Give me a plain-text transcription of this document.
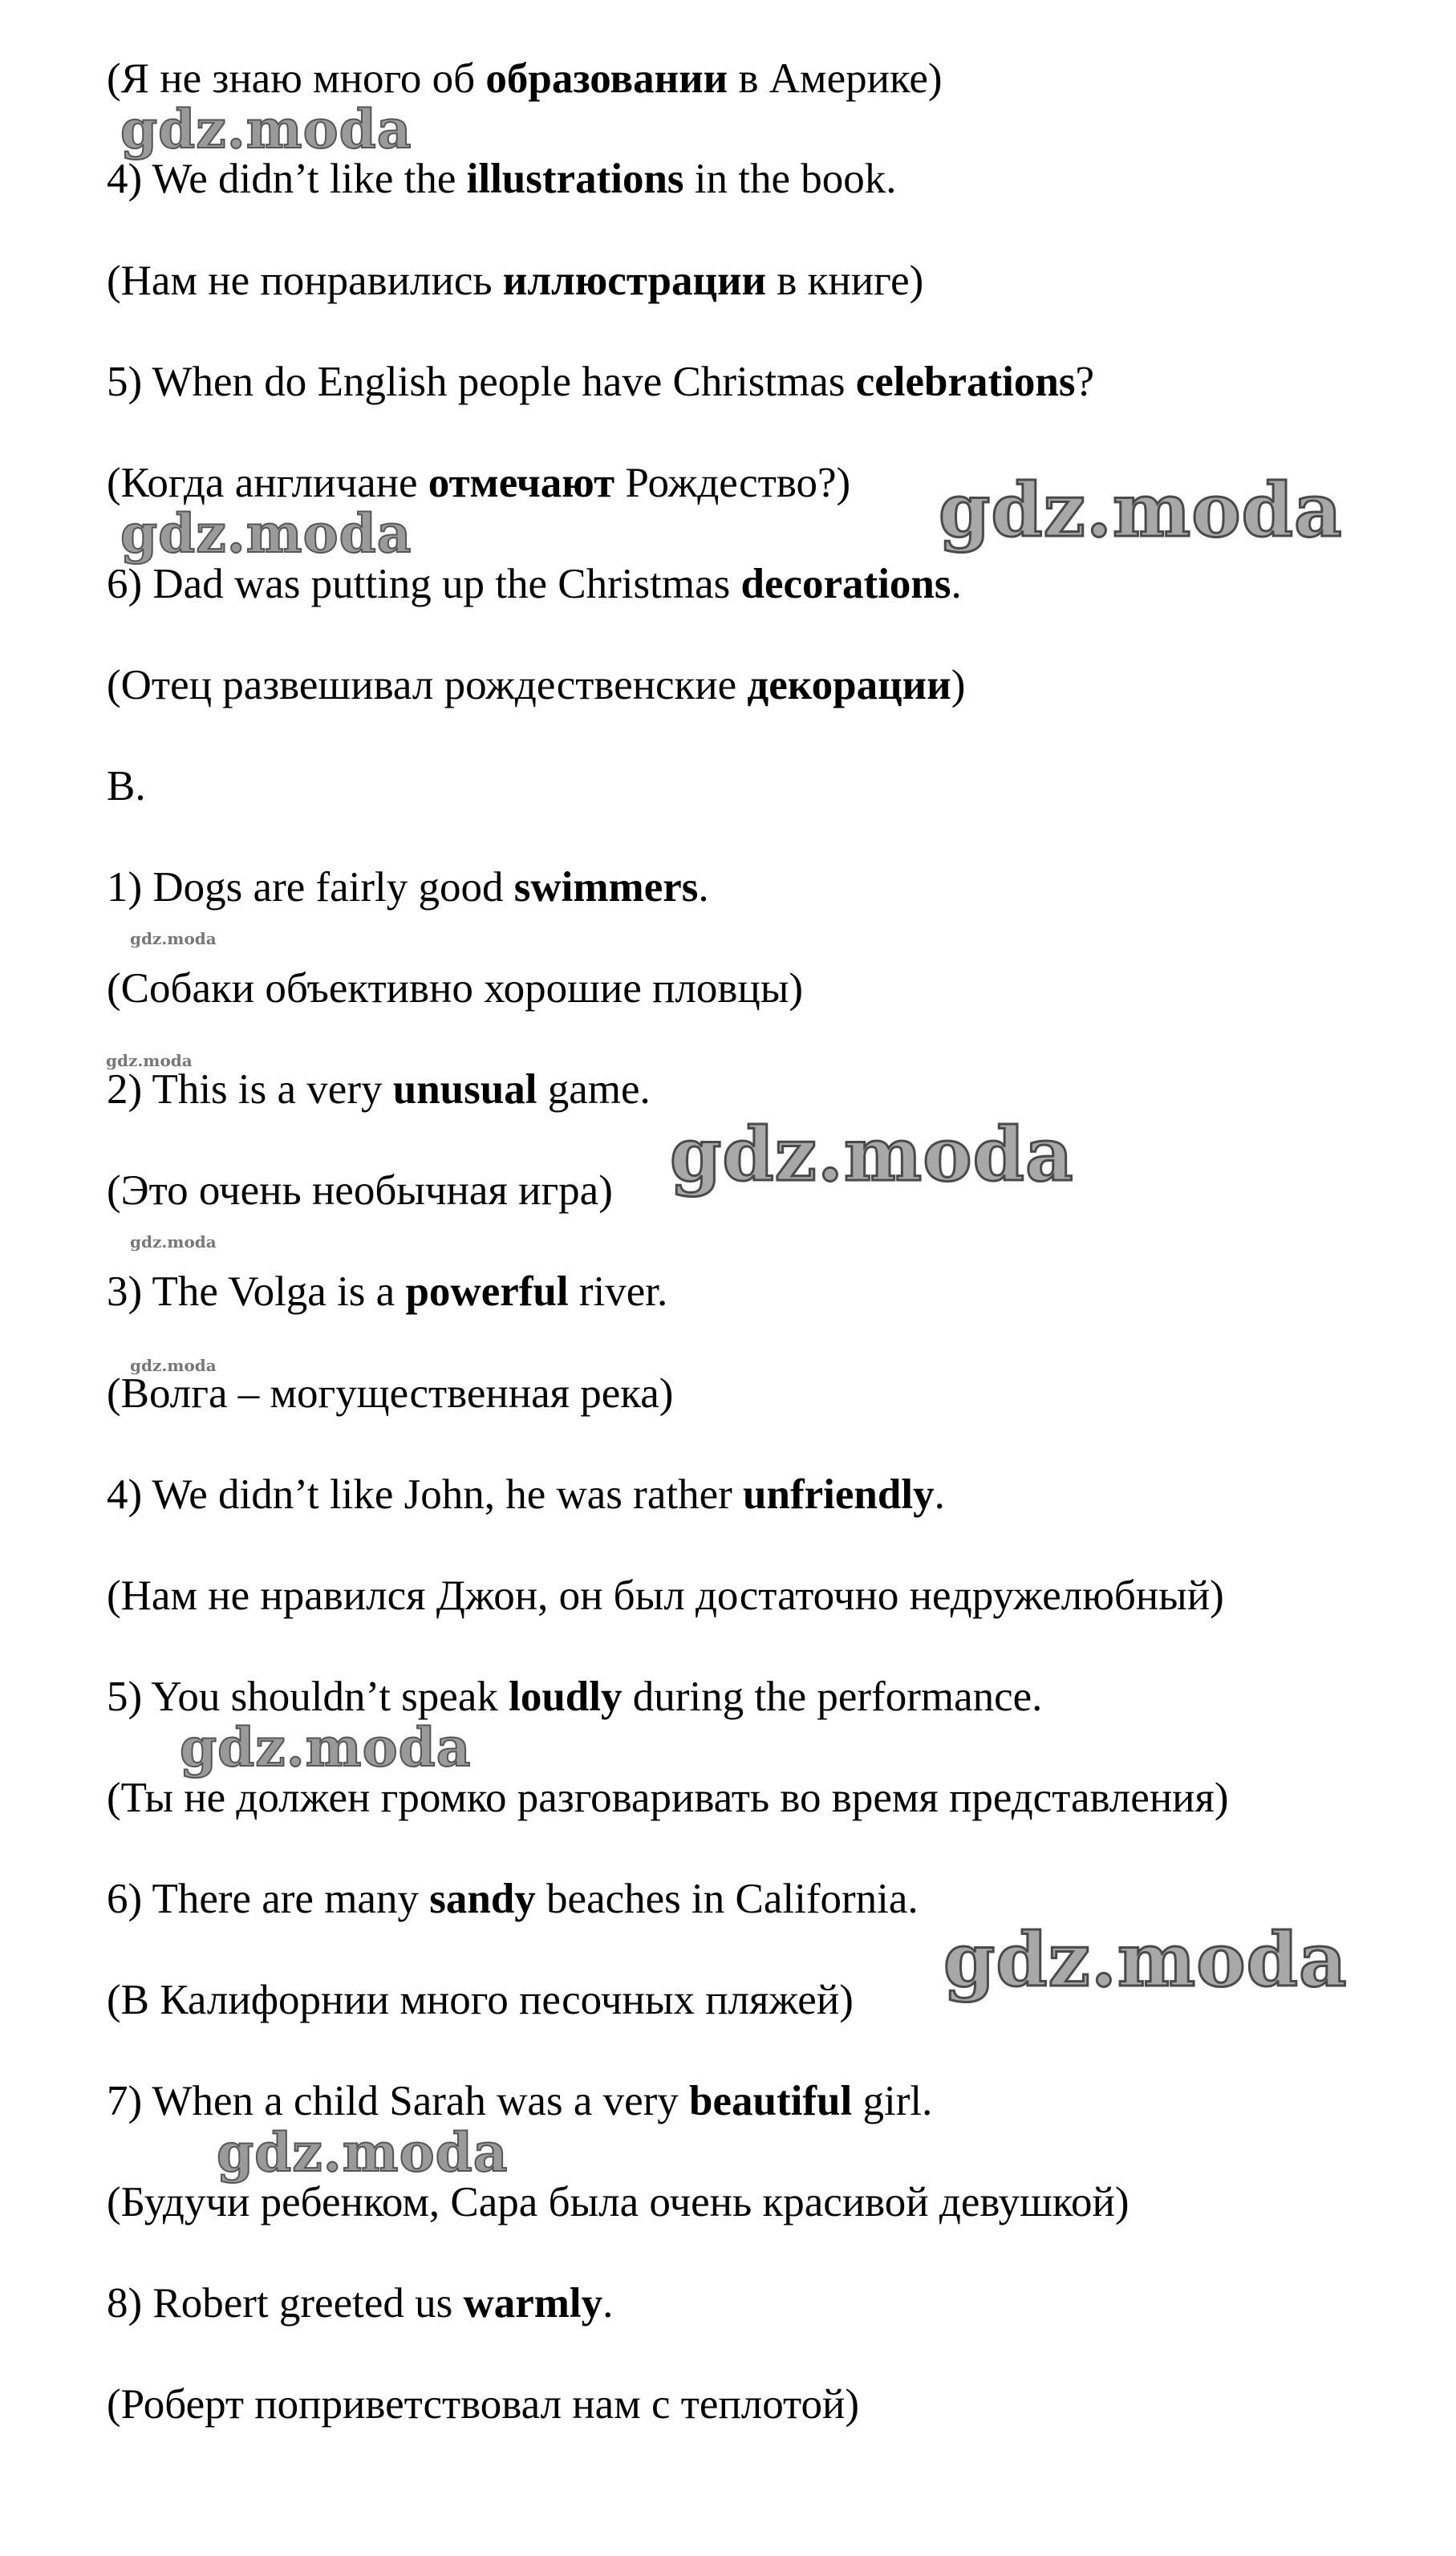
(Я не знаю много об образовании в Америке)

4) We didn’t like the illustrations in the book.

(Нам не понравились иллюстрации в книге)

5) When do English people have Christmas celebrations?

(Когда англичане отмечают Рождество?)

6) Dad was putting up the Christmas decorations.

(Отец развешивал рождественские декорации)

B.

1) Dogs are fairly good swimmers.

(Собаки объективно хорошие пловцы)

2) This is a very unusual game.

(Это очень необычная игра)

3) The Volga is a powerful river.

(Волга – могущественная река)

4) We didn’t like John, he was rather unfriendly.

(Нам не нравился Джон, он был достаточно недружелюбный)

5) You shouldn’t speak loudly during the performance.

(Ты не должен громко разговаривать во время представления)

6) There are many sandy beaches in California.

(В Калифорнии много песочных пляжей)

7) When a child Sarah was a very beautiful girl.

(Будучи ребенком, Сара была очень красивой девушкой)

8) Robert greeted us warmly.

(Роберт поприветствовал нам с теплотой)

gdz.moda
gdz.moda	gdz.moda
gdz.moda
gdz.moda
gdz.moda
gdz.moda
gdz.moda
gdz.moda
gdz.moda
gdz.moda
